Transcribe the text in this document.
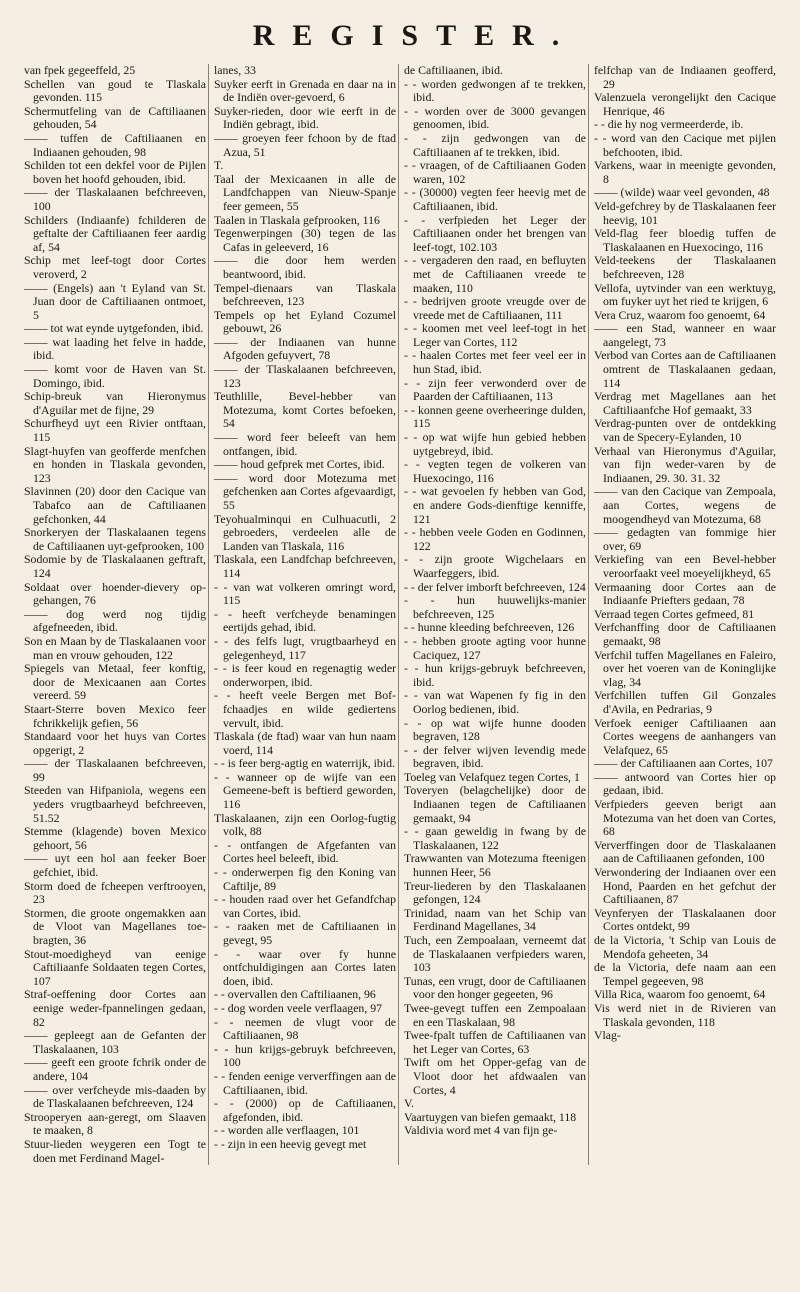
REGISTER.

van fpek gegeeffeld, 25

Schellen van goud te Tlaskala gevonden. 115

Schermutfeling van de Caftiliaanen gehouden, 54

—— tuffen de Caftiliaanen en Indiaanen gehouden, 98

Schilden tot een dekfel voor de Pijlen boven het hoofd gehouden, ibid.

—— der Tlaskalaanen befchreeven, 100

Schilders (Indiaanfe) fchilderen de geftalte der Caftiliaanen feer aardig af, 54

Schip met leef-togt door Cortes veroverd, 2

—— (Engels) aan 't Eyland van St. Juan door de Caftiliaanen ontmoet, 5

—— tot wat eynde uytgefonden, ibid.

—— wat laading het felve in hadde, ibid.

—— komt voor de Haven van St. Domingo, ibid.

Schip-breuk van Hieronymus d'Aguilar met de fijne, 29

Schurfheyd uyt een Rivier ontftaan, 115

Slagt-huyfen van geofferde menfchen en honden in Tlaskala gevonden, 123

Slavinnen (20) door den Cacique van Tabafco aan de Caftiliaanen gefchonken, 44

Snorkeryen der Tlaskalaanen tegens de Caftiliaanen uyt-gefprooken, 100

Sodomie by de Tlaskalaanen geftraft, 124

Soldaat over hoender-dievery op-gehangen, 76

—— dog werd nog tijdig afgefneeden, ibid.

Son en Maan by de Tlaskalaanen voor man en vrouw gehouden, 122

Spiegels van Metaal, feer konftig, door de Mexicaanen aan Cortes vereerd. 59

Staart-Sterre boven Mexico feer fchrikkelijk gefien, 56

Standaard voor het huys van Cortes opgerigt, 2

—— der Tlaskalaanen befchreeven, 99

Steeden van Hifpaniola, wegens een yeders vrugtbaarheyd befchreeven, 51.52

Stemme (klagende) boven Mexico gehoort, 56

—— uyt een hol aan feeker Boer gefchiet, ibid.

Storm doed de fcheepen verftrooyen, 23

Stormen, die groote ongemakken aan de Vloot van Magellanes toe-bragten, 36

Stout-moedigheyd van eenige Caftiliaanfe Soldaaten tegen Cortes, 107

Straf-oeffening door Cortes aan eenige weder-fpannelingen gedaan, 82

—— gepleegt aan de Gefanten der Tlaskalaanen, 103

—— geeft een groote fchrik onder de andere, 104

—— over verfcheyde mis-daaden by de Tlaskalaanen befchreeven, 124

Strooperyen aan-geregt, om Slaaven te maaken, 8

Stuur-lieden weygeren een Togt te doen met Ferdinand Magel-

lanes, 33

Suyker eerft in Grenada en daar na in de Indiën over-gevoerd, 6

Suyker-rieden, door wie eerft in de Indiën gebragt, ibid.

—— groeyen feer fchoon by de ftad Azua, 51

T.

Taal der Mexicaanen in alle de Landfchappen van Nieuw-Spanje feer gemeen, 55

Taalen in Tlaskala gefprooken, 116

Tegenwerpingen (30) tegen de las Cafas in geleeverd, 16

—— die door hem werden beantwoord, ibid.

Tempel-dienaars van Tlaskala befchreeven, 123

Tempels op het Eyland Cozumel gebouwt, 26

—— der Indiaanen van hunne Afgoden gefuyvert, 78

—— der Tlaskalaanen befchreeven, 123

Teuthlille, Bevel-hebber van Motezuma, komt Cortes befoeken, 54

—— word feer beleeft van hem ontfangen, ibid.

—— houd gefprek met Cortes, ibid.

—— word door Motezuma met gefchenken aan Cortes afgevaardigt, 55

Teyohualminqui en Culhuacutli, 2 gebroeders, verdeelen alle de Landen van Tlaskala, 116

Tlaskala, een Landfchap befchreeven, 114

- - van wat volkeren omringt word, 115

- - heeft verfcheyde benamingen eertijds gehad, ibid.

- - des felfs lugt, vrugtbaarheyd en gelegenheyd, 117

- - is feer koud en regenagtig weder onderworpen, ibid.

- - heeft veele Bergen met Bof-fchaadjes en wilde gediertens vervult, ibid.

Tlaskala (de ftad) waar van hun naam voerd, 114

- - is feer berg-agtig en waterrijk, ibid.

- - wanneer op de wijfe van een Gemeene-beft is beftierd geworden, 116

Tlaskalaanen, zijn een Oorlog-fugtig volk, 88

- - ontfangen de Afgefanten van Cortes heel beleeft, ibid.

- - onderwerpen fig den Koning van Caftilje, 89

- - houden raad over het Gefandfchap van Cortes, ibid.

- - raaken met de Caftiliaanen in gevegt, 95

- - waar over fy hunne ontfchuldigingen aan Cortes laten doen, ibid.

- - overvallen den Caftiliaanen, 96

- - dog worden veele verflaagen, 97

- - neemen de vlugt voor de Caftiliaanen, 98

- - hun krijgs-gebruyk befchreeven, 100

- - fenden eenige ververffingen aan de Caftiliaanen, ibid.

- - (2000) op de Caftiliaanen, afgefonden, ibid.

- - worden alle verflaagen, 101

- - zijn in een heevig gevegt met

de Caftiliaanen, ibid.

- - worden gedwongen af te trekken, ibid.

- - worden over de 3000 gevangen genoomen, ibid.

- - zijn gedwongen van de Caftiliaanen af te trekken, ibid.

- - vraagen, of de Caftiliaanen Goden waren, 102

- - (30000) vegten feer heevig met de Caftiliaanen, ibid.

- - verfpieden het Leger der Caftiliaanen onder het brengen van leef-togt, 102.103

- - vergaderen den raad, en befluyten met de Caftiliaanen vreede te maaken, 110

- - bedrijven groote vreugde over de vreede met de Caftiliaanen, 111

- - koomen met veel leef-togt in het Leger van Cortes, 112

- - haalen Cortes met feer veel eer in hun Stad, ibid.

- - zijn feer verwonderd over de Paarden der Caftiliaanen, 113

- - konnen geene overheeringe dulden, 115

- - op wat wijfe hun gebied hebben uytgebreyd, ibid.

- - vegten tegen de volkeren van Huexocingo, 116

- - wat gevoelen fy hebben van God, en andere Gods-dienftige kenniffe, 121

- - hebben veele Goden en Godinnen, 122

- - zijn groote Wigchelaars en Waarfeggers, ibid.

- - der felver imborft befchreeven, 124

- - hun huuwelijks-manier befchreeven, 125

- - hunne kleeding befchreeven, 126

- - hebben groote agting voor hunne Caciquez, 127

- - hun krijgs-gebruyk befchreeven, ibid.

- - van wat Wapenen fy fig in den Oorlog bedienen, ibid.

- - op wat wijfe hunne dooden begraven, 128

- - der felver wijven levendig mede begraven, ibid.

Toeleg van Velafquez tegen Cortes, 1

Toveryen (belagchelijke) door de Indiaanen tegen de Caftiliaanen gemaakt, 94

- - gaan geweldig in fwang by de Tlaskalaanen, 122

Trawwanten van Motezuma fteenigen hunnen Heer, 56

Treur-liederen by den Tlaskalaanen gefongen, 124

Trinidad, naam van het Schip van Ferdinand Magellanes, 34

Tuch, een Zempoalaan, verneemt dat de Tlaskalaanen verfpieders waren, 103

Tunas, een vrugt, door de Caftiliaanen voor den honger gegeeten, 96

Twee-gevegt tuffen een Zempoalaan en een Tlaskalaan, 98

Twee-fpalt tuffen de Caftiliaanen van het Leger van Cortes, 63

Twift om het Opper-gefag van de Vloot door het afdwaalen van Cortes, 4

V.

Vaartuygen van biefen gemaakt, 118

Valdivia word met 4 van fijn ge-

felfchap van de Indiaanen geofferd, 29

Valenzuela verongelijkt den Cacique Henrique, 46

- - die hy nog vermeerderde, ib.

- - word van den Cacique met pijlen befchooten, ibid.

Varkens, waar in meenigte gevonden, 8

—— (wilde) waar veel gevonden, 48

Veld-gefchrey by de Tlaskalaanen feer heevig, 101

Veld-flag feer bloedig tuffen de Tlaskalaanen en Huexocingo, 116

Veld-teekens der Tlaskalaanen befchreeven, 128

Vellofa, uytvinder van een werktuyg, om fuyker uyt het ried te krijgen, 6

Vera Cruz, waarom foo genoemt, 64

—— een Stad, wanneer en waar aangelegt, 73

Verbod van Cortes aan de Caftiliaanen omtrent de Tlaskalaanen gedaan, 114

Verdrag met Magellanes aan het Caftiliaanfche Hof gemaakt, 33

Verdrag-punten over de ontdekking van de Specery-Eylanden, 10

Verhaal van Hieronymus d'Aguilar, van fijn weder-varen by de Indiaanen, 29. 30. 31. 32

—— van den Cacique van Zempoala, aan Cortes, wegens de moogendheyd van Motezuma, 68

—— gedagten van fommige hier over, 69

Verkiefing van een Bevel-hebber veroorfaakt veel moeyelijkheyd, 65

Vermaaning door Cortes aan de Indiaanfe Priefters gedaan, 78

Verraad tegen Cortes gefmeed, 81

Verfchanffing door de Caftiliaanen gemaakt, 98

Verfchil tuffen Magellanes en Faleiro, over het voeren van de Koninglijke vlag, 34

Verfchillen tuffen Gil Gonzales d'Avila, en Pedrarias, 9

Verfoek eeniger Caftiliaanen aan Cortes weegens de aanhangers van Velafquez, 65

—— der Caftiliaanen aan Cortes, 107

—— antwoord van Cortes hier op gedaan, ibid.

Verfpieders geeven berigt aan Motezuma van het doen van Cortes, 68

Ververffingen door de Tlaskalaanen aan de Caftiliaanen gefonden, 100

Verwondering der Indiaanen over een Hond, Paarden en het gefchut der Caftiliaanen, 87

Veynferyen der Tlaskalaanen door Cortes ontdekt, 99

de la Victoria, 't Schip van Louis de Mendofa geheeten, 34

de la Victoria, defe naam aan een Tempel gegeeven, 98

Villa Rica, waarom foo genoemt, 64

Vis werd niet in de Rivieren van Tlaskala gevonden, 118

Vlag-
